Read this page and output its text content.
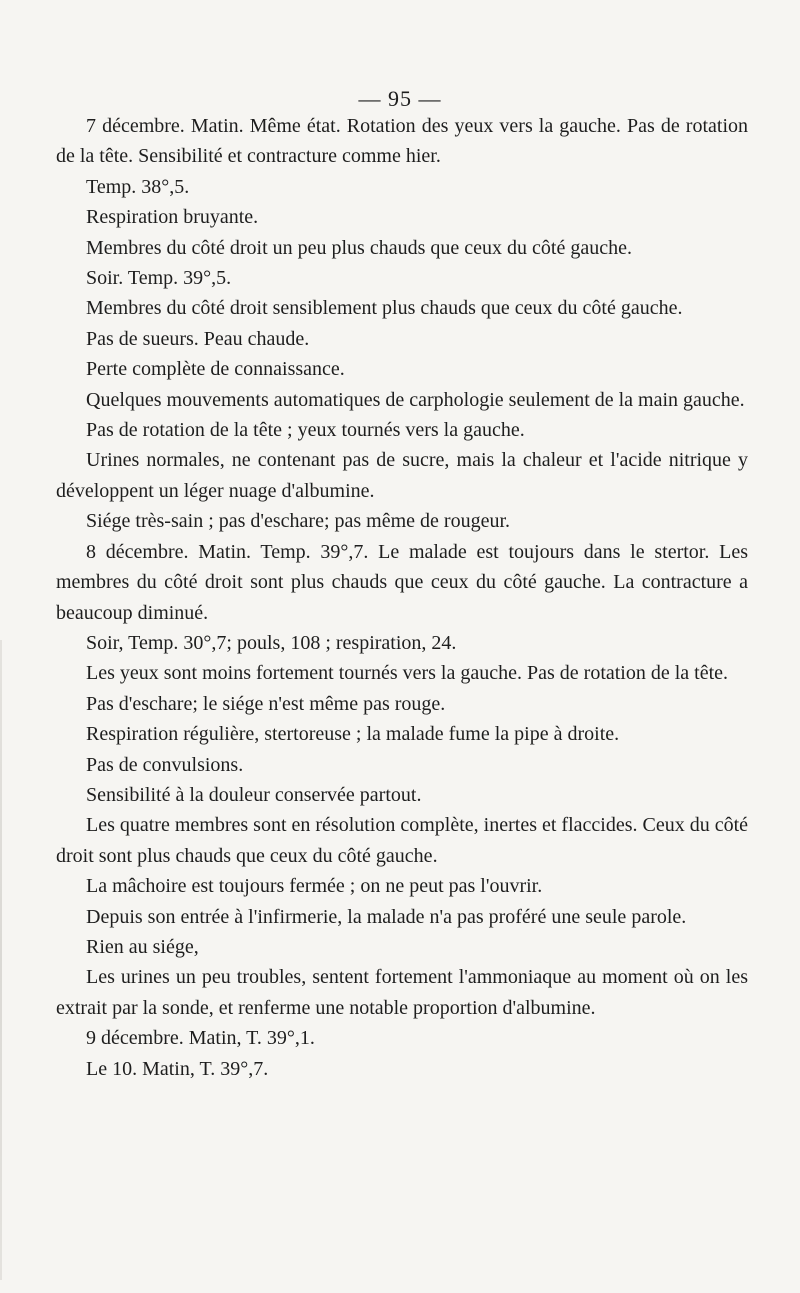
— 95 —

7 décembre. Matin. Même état. Rotation des yeux vers la gauche. Pas de rotation de la tête. Sensibilité et contracture comme hier.

Temp. 38°,5.

Respiration bruyante.

Membres du côté droit un peu plus chauds que ceux du côté gauche.

Soir. Temp. 39°,5.

Membres du côté droit sensiblement plus chauds que ceux du côté gauche.

Pas de sueurs. Peau chaude.

Perte complète de connaissance.

Quelques mouvements automatiques de carphologie seulement de la main gauche.

Pas de rotation de la tête ; yeux tournés vers la gauche.

Urines normales, ne contenant pas de sucre, mais la chaleur et l'acide nitrique y développent un léger nuage d'albumine.

Siége très-sain ; pas d'eschare; pas même de rougeur.

8 décembre. Matin. Temp. 39°,7. Le malade est toujours dans le stertor. Les membres du côté droit sont plus chauds que ceux du côté gauche. La contracture a beaucoup diminué.

Soir, Temp. 30°,7; pouls, 108 ; respiration, 24.

Les yeux sont moins fortement tournés vers la gauche. Pas de rotation de la tête.

Pas d'eschare; le siége n'est même pas rouge.

Respiration régulière, stertoreuse ; la malade fume la pipe à droite.

Pas de convulsions.

Sensibilité à la douleur conservée partout.

Les quatre membres sont en résolution complète, inertes et flaccides. Ceux du côté droit sont plus chauds que ceux du côté gauche.

La mâchoire est toujours fermée ; on ne peut pas l'ouvrir.

Depuis son entrée à l'infirmerie, la malade n'a pas proféré une seule parole.

Rien au siége,

Les urines un peu troubles, sentent fortement l'ammoniaque au moment où on les extrait par la sonde, et renferme une notable proportion d'albumine.

9 décembre. Matin, T. 39°,1.

Le 10. Matin, T. 39°,7.
